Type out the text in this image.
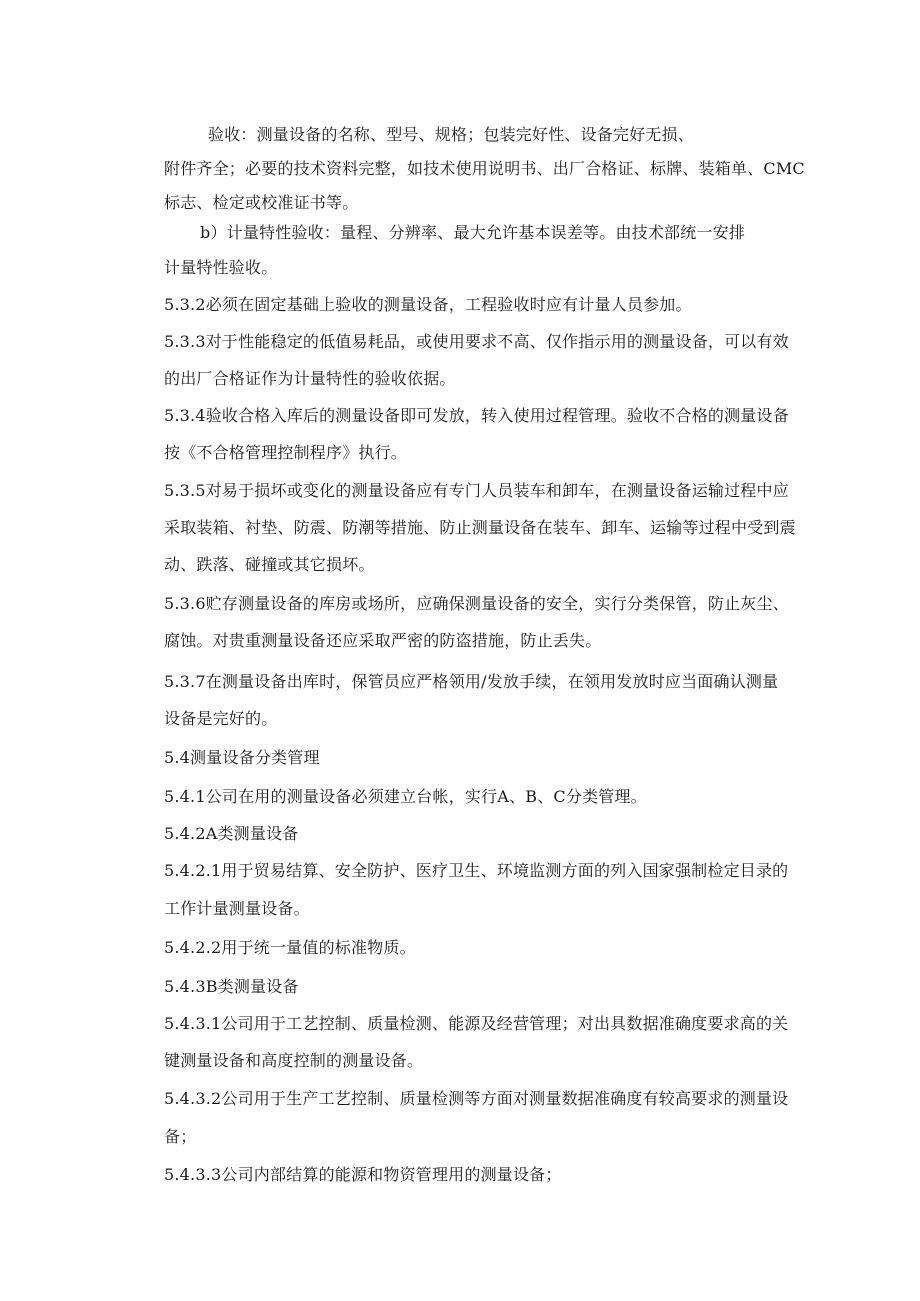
验收：测量设备的名称、型号、规格；包装完好性、设备完好无损、
附件齐全；必要的技术资料完整，如技术使用说明书、出厂合格证、标牌、装箱单、CMC
标志、检定或校准证书等。
b）计量特性验收：量程、分辨率、最大允许基本误差等。由技术部统一安排
计量特性验收。
5.3.2必须在固定基础上验收的测量设备，工程验收时应有计量人员参加。
5.3.3对于性能稳定的低值易耗品，或使用要求不高、仅作指示用的测量设备，可以有效
的出厂合格证作为计量特性的验收依据。
5.3.4验收合格入库后的测量设备即可发放，转入使用过程管理。验收不合格的测量设备
按《不合格管理控制程序》执行。
5.3.5对易于损坏或变化的测量设备应有专门人员装车和卸车，在测量设备运输过程中应
采取装箱、衬垫、防震、防潮等措施、防止测量设备在装车、卸车、运输等过程中受到震
动、跌落、碰撞或其它损坏。
5.3.6贮存测量设备的库房或场所，应确保测量设备的安全，实行分类保管，防止灰尘、
腐蚀。对贵重测量设备还应采取严密的防盗措施，防止丢失。
5.3.7在测量设备出库时，保管员应严格领用/发放手续，在领用发放时应当面确认测量
设备是完好的。
5.4测量设备分类管理
5.4.1公司在用的测量设备必须建立台帐，实行A、B、C分类管理。
5.4.2A类测量设备
5.4.2.1用于贸易结算、安全防护、医疗卫生、环境监测方面的列入国家强制检定目录的
工作计量测量设备。
5.4.2.2用于统一量值的标准物质。
5.4.3B类测量设备
5.4.3.1公司用于工艺控制、质量检测、能源及经营管理；对出具数据准确度要求高的关
键测量设备和高度控制的测量设备。
5.4.3.2公司用于生产工艺控制、质量检测等方面对测量数据准确度有较高要求的测量设
备；
5.4.3.3公司内部结算的能源和物资管理用的测量设备；
